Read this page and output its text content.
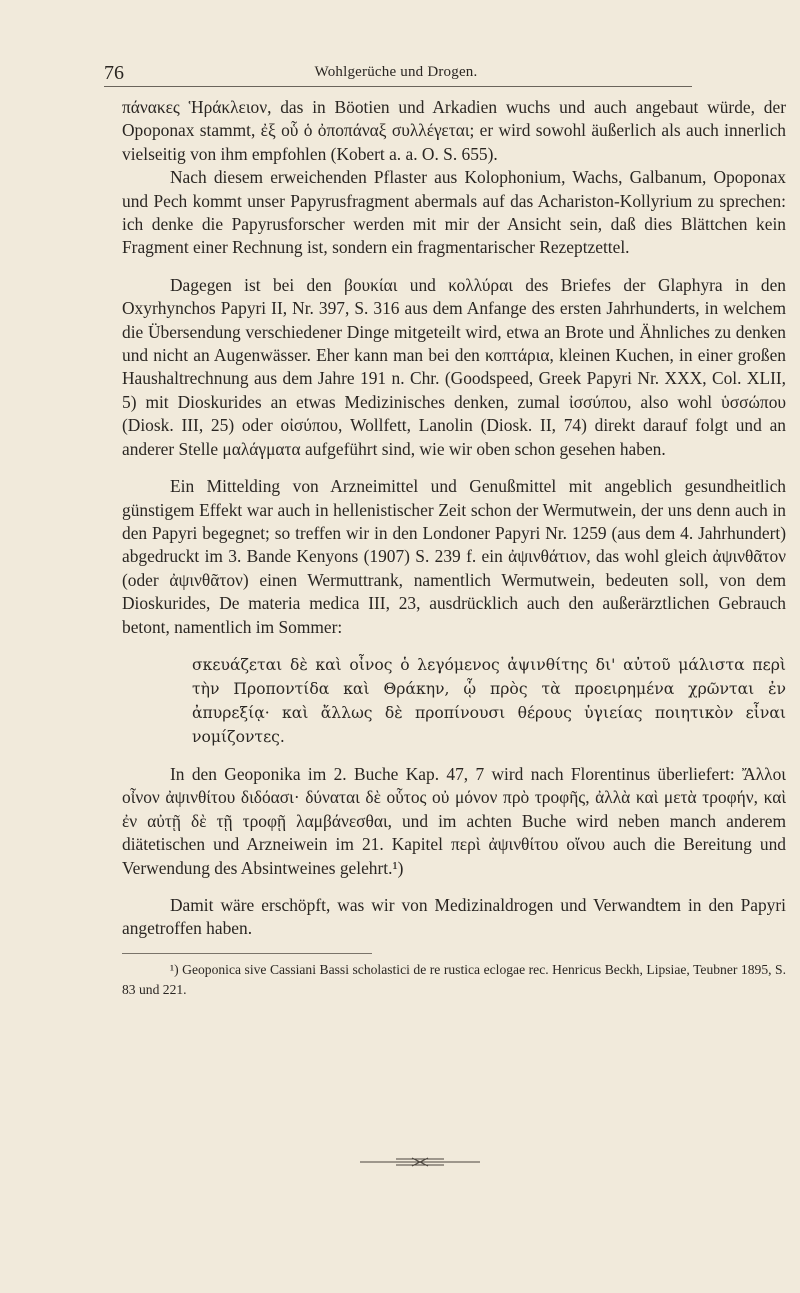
76	Wohlgerüche und Drogen.

πάνακες Ἡράκλειον, das in Böotien und Arkadien wuchs und auch angebaut würde, der Opoponax stammt, ἐξ οὗ ὁ ὀποπάναξ συλλέγεται; er wird sowohl äußerlich als auch innerlich vielseitig von ihm empfohlen (Kobert a. a. O. S. 655).

Nach diesem erweichenden Pflaster aus Kolophonium, Wachs, Galbanum, Opoponax und Pech kommt unser Papyrusfragment abermals auf das Achariston-Kollyrium zu sprechen: ich denke die Papyrusforscher werden mit mir der Ansicht sein, daß dies Blättchen kein Fragment einer Rechnung ist, sondern ein fragmentarischer Rezeptzettel.

Dagegen ist bei den βουκίαι und κολλύραι des Briefes der Glaphyra in den Oxyrhynchos Papyri II, Nr. 397, S. 316 aus dem Anfange des ersten Jahrhunderts, in welchem die Übersendung verschiedener Dinge mitgeteilt wird, etwa an Brote und Ähnliches zu denken und nicht an Augenwässer. Eher kann man bei den κοπτάρια, kleinen Kuchen, in einer großen Haushaltrechnung aus dem Jahre 191 n. Chr. (Goodspeed, Greek Papyri Nr. XXX, Col. XLII, 5) mit Dioskurides an etwas Medizinisches denken, zumal ἰσσύπου, also wohl ὑσσώπου (Diosk. III, 25) oder οἰσύπου, Wollfett, Lanolin (Diosk. II, 74) direkt darauf folgt und an anderer Stelle μαλάγματα aufgeführt sind, wie wir oben schon gesehen haben.

Ein Mittelding von Arzneimittel und Genußmittel mit angeblich gesundheitlich günstigem Effekt war auch in hellenistischer Zeit schon der Wermutwein, der uns denn auch in den Papyri begegnet; so treffen wir in den Londoner Papyri Nr. 1259 (aus dem 4. Jahrhundert) abgedruckt im 3. Bande Kenyons (1907) S. 239 f. ein ἀψινθάτιον, das wohl gleich ἀψινθᾶτον (oder ἀψινθᾶτον) einen Wermuttrank, namentlich Wermutwein, bedeuten soll, von dem Dioskurides, De materia medica III, 23, ausdrücklich auch den außerärztlichen Gebrauch betont, namentlich im Sommer:

σκευάζεται δὲ καὶ οἶνος ὁ λεγόμενος ἀψινθίτης δι' αὐτοῦ μάλιστα περὶ τὴν Προποντίδα καὶ Θράκην, ᾧ πρὸς τὰ προειρημένα χρῶνται ἐν ἀπυρεξίᾳ· καὶ ἄλλως δὲ προπίνουσι θέρους ὑγιείας ποιητικὸν εἶναι νομίζοντες.

In den Geoponika im 2. Buche Kap. 47, 7 wird nach Florentinus überliefert: Ἄλλοι οἶνον ἀψινθίτου διδόασι· δύναται δὲ οὗτος οὐ μόνον πρὸ τροφῆς, ἀλλὰ καὶ μετὰ τροφήν, καὶ ἐν αὐτῇ δὲ τῇ τροφῇ λαμβάνεσθαι, und im achten Buche wird neben manch anderem diätetischen und Arzneiwein im 21. Kapitel περὶ ἀψινθίτου οἴνου auch die Bereitung und Verwendung des Absintweines gelehrt.¹)

Damit wäre erschöpft, was wir von Medizinaldrogen und Verwandtem in den Papyri angetroffen haben.

¹) Geoponica sive Cassiani Bassi scholastici de re rustica eclogae rec. Henricus Beckh, Lipsiae, Teubner 1895, S. 83 und 221.
